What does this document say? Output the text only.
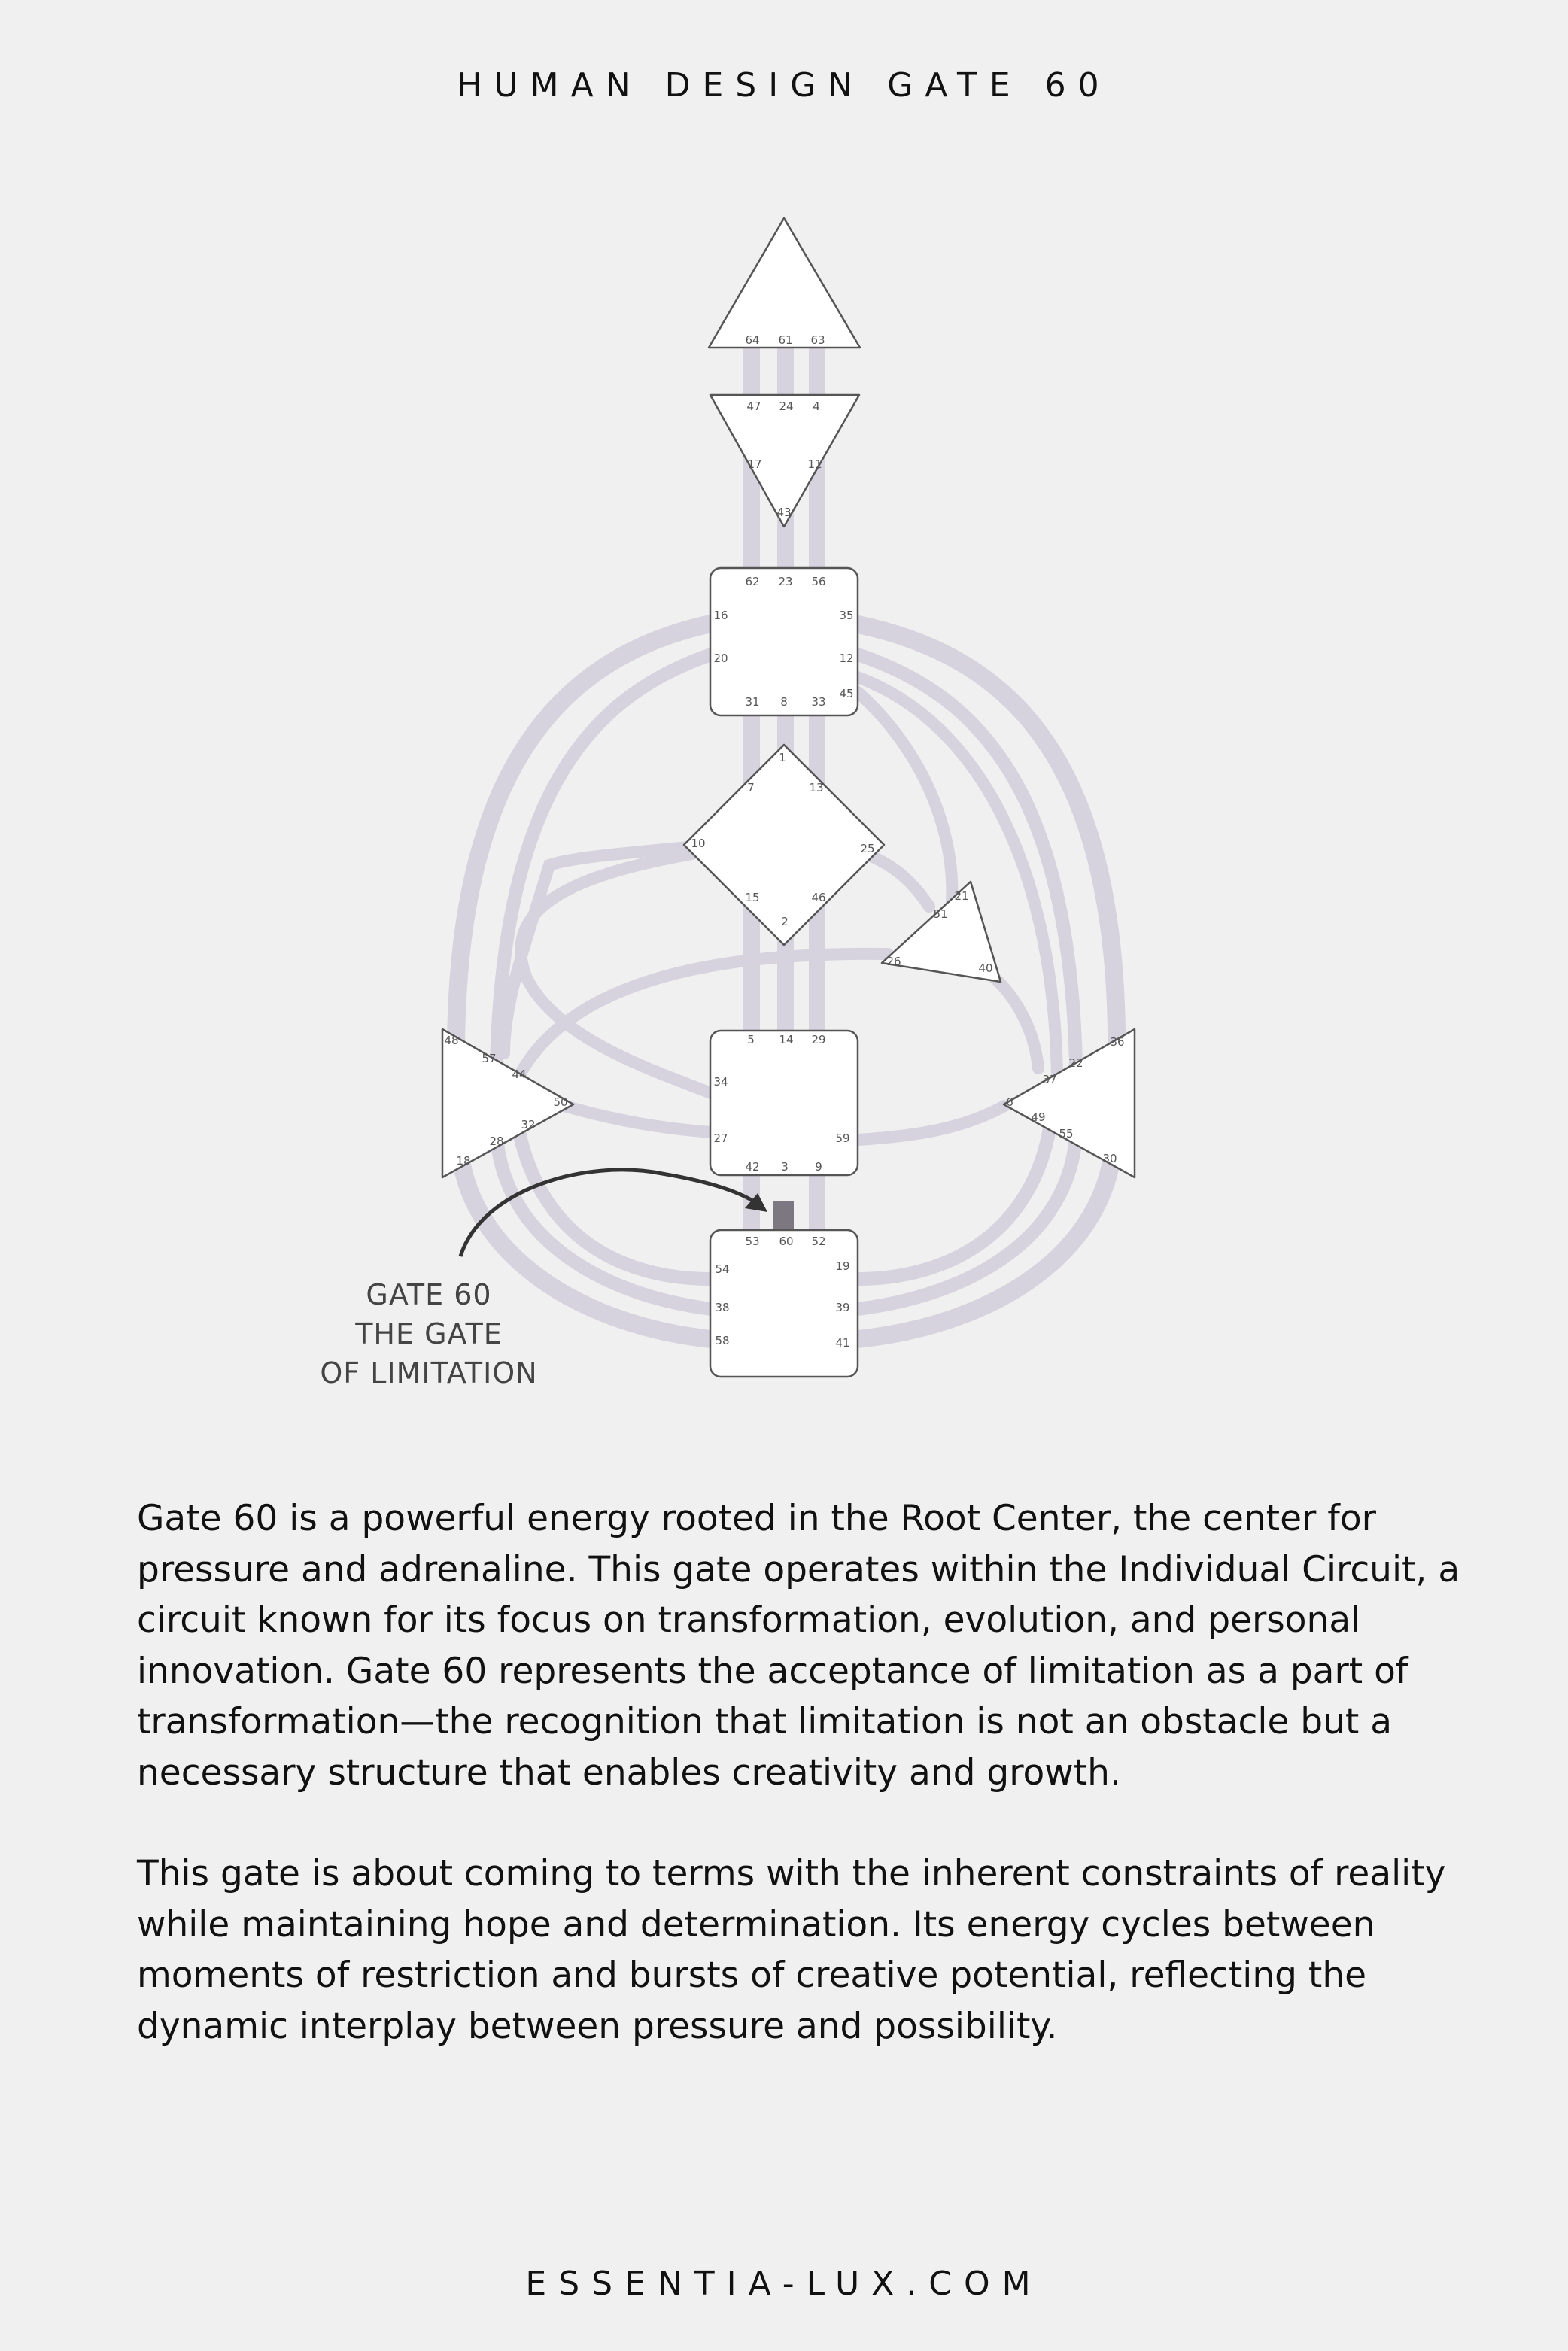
HUMAN DESIGN GATE 60
64 61 63
47 24 4
17	11
43
62 23 56
16	35
20	12
45
31 8 33
1
7	13
10	25
15	46
2
21
51
26	40
5 14 29
34
27	59
42 3 9
53 60 52
54	19
38	39
58	41
48
57
44
50
32
28
18
36
22
37
6
49
55
30
GATE 60
THE GATE
OF LIMITATION

Gate 60 is a powerful energy rooted in the Root Center, the center for pressure and adrenaline. This gate operates within the Individual Circuit, a circuit known for its focus on transformation, evolution, and personal innovation. Gate 60 represents the acceptance of limitation as a part of transformation—the recognition that limitation is not an obstacle but a necessary structure that enables creativity and growth.

This gate is about coming to terms with the inherent constraints of reality while maintaining hope and determination. Its energy cycles between moments of restriction and bursts of creative potential, reflecting the dynamic interplay between pressure and possibility.

ESSENTIA-LUX.COM
